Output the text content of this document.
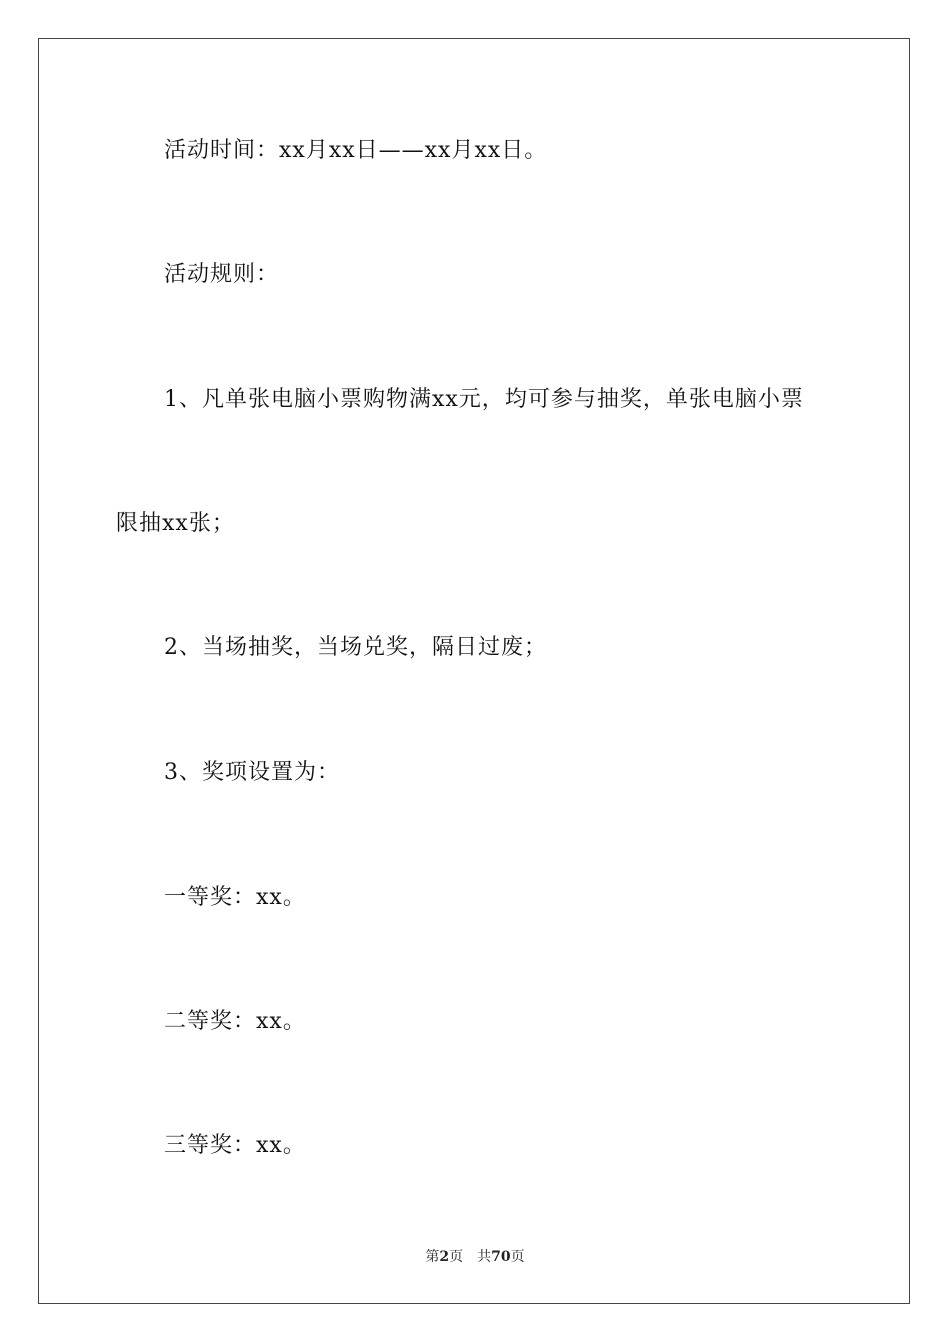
活动时间：xx月xx日——xx月xx日。
活动规则：
1、凡单张电脑小票购物满xx元，均可参与抽奖，单张电脑小票
限抽xx张；
2、当场抽奖，当场兑奖，隔日过废；
3、奖项设置为：
一等奖：xx。
二等奖：xx。
三等奖：xx。
第2页 共70页
